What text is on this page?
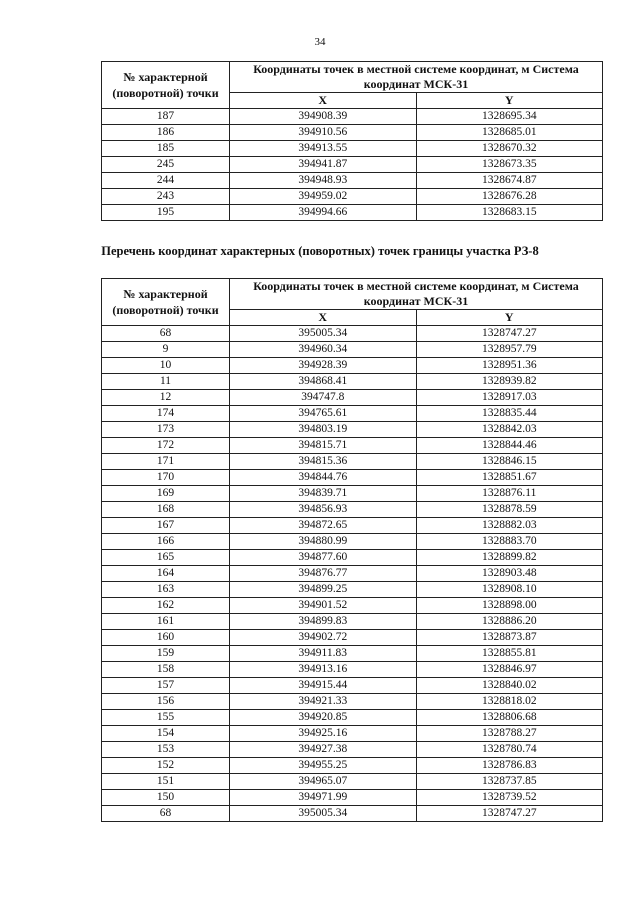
34
№ характерной (поворотной) точки	Координаты точек в местной системе координат, м Система координат МСК-31	
	X	Y
187	394908.39	1328695.34
186	394910.56	1328685.01
185	394913.55	1328670.32
245	394941.87	1328673.35
244	394948.93	1328674.87
243	394959.02	1328676.28
195	394994.66	1328683.15
Перечень координат характерных (поворотных) точек границы участка РЗ-8
№ характерной (поворотной) точки	Координаты точек в местной системе координат, м Система координат МСК-31	
	X	Y
68	395005.34	1328747.27
9	394960.34	1328957.79
10	394928.39	1328951.36
11	394868.41	1328939.82
12	394747.8	1328917.03
174	394765.61	1328835.44
173	394803.19	1328842.03
172	394815.71	1328844.46
171	394815.36	1328846.15
170	394844.76	1328851.67
169	394839.71	1328876.11
168	394856.93	1328878.59
167	394872.65	1328882.03
166	394880.99	1328883.70
165	394877.60	1328899.82
164	394876.77	1328903.48
163	394899.25	1328908.10
162	394901.52	1328898.00
161	394899.83	1328886.20
160	394902.72	1328873.87
159	394911.83	1328855.81
158	394913.16	1328846.97
157	394915.44	1328840.02
156	394921.33	1328818.02
155	394920.85	1328806.68
154	394925.16	1328788.27
153	394927.38	1328780.74
152	394955.25	1328786.83
151	394965.07	1328737.85
150	394971.99	1328739.52
68	395005.34	1328747.27
